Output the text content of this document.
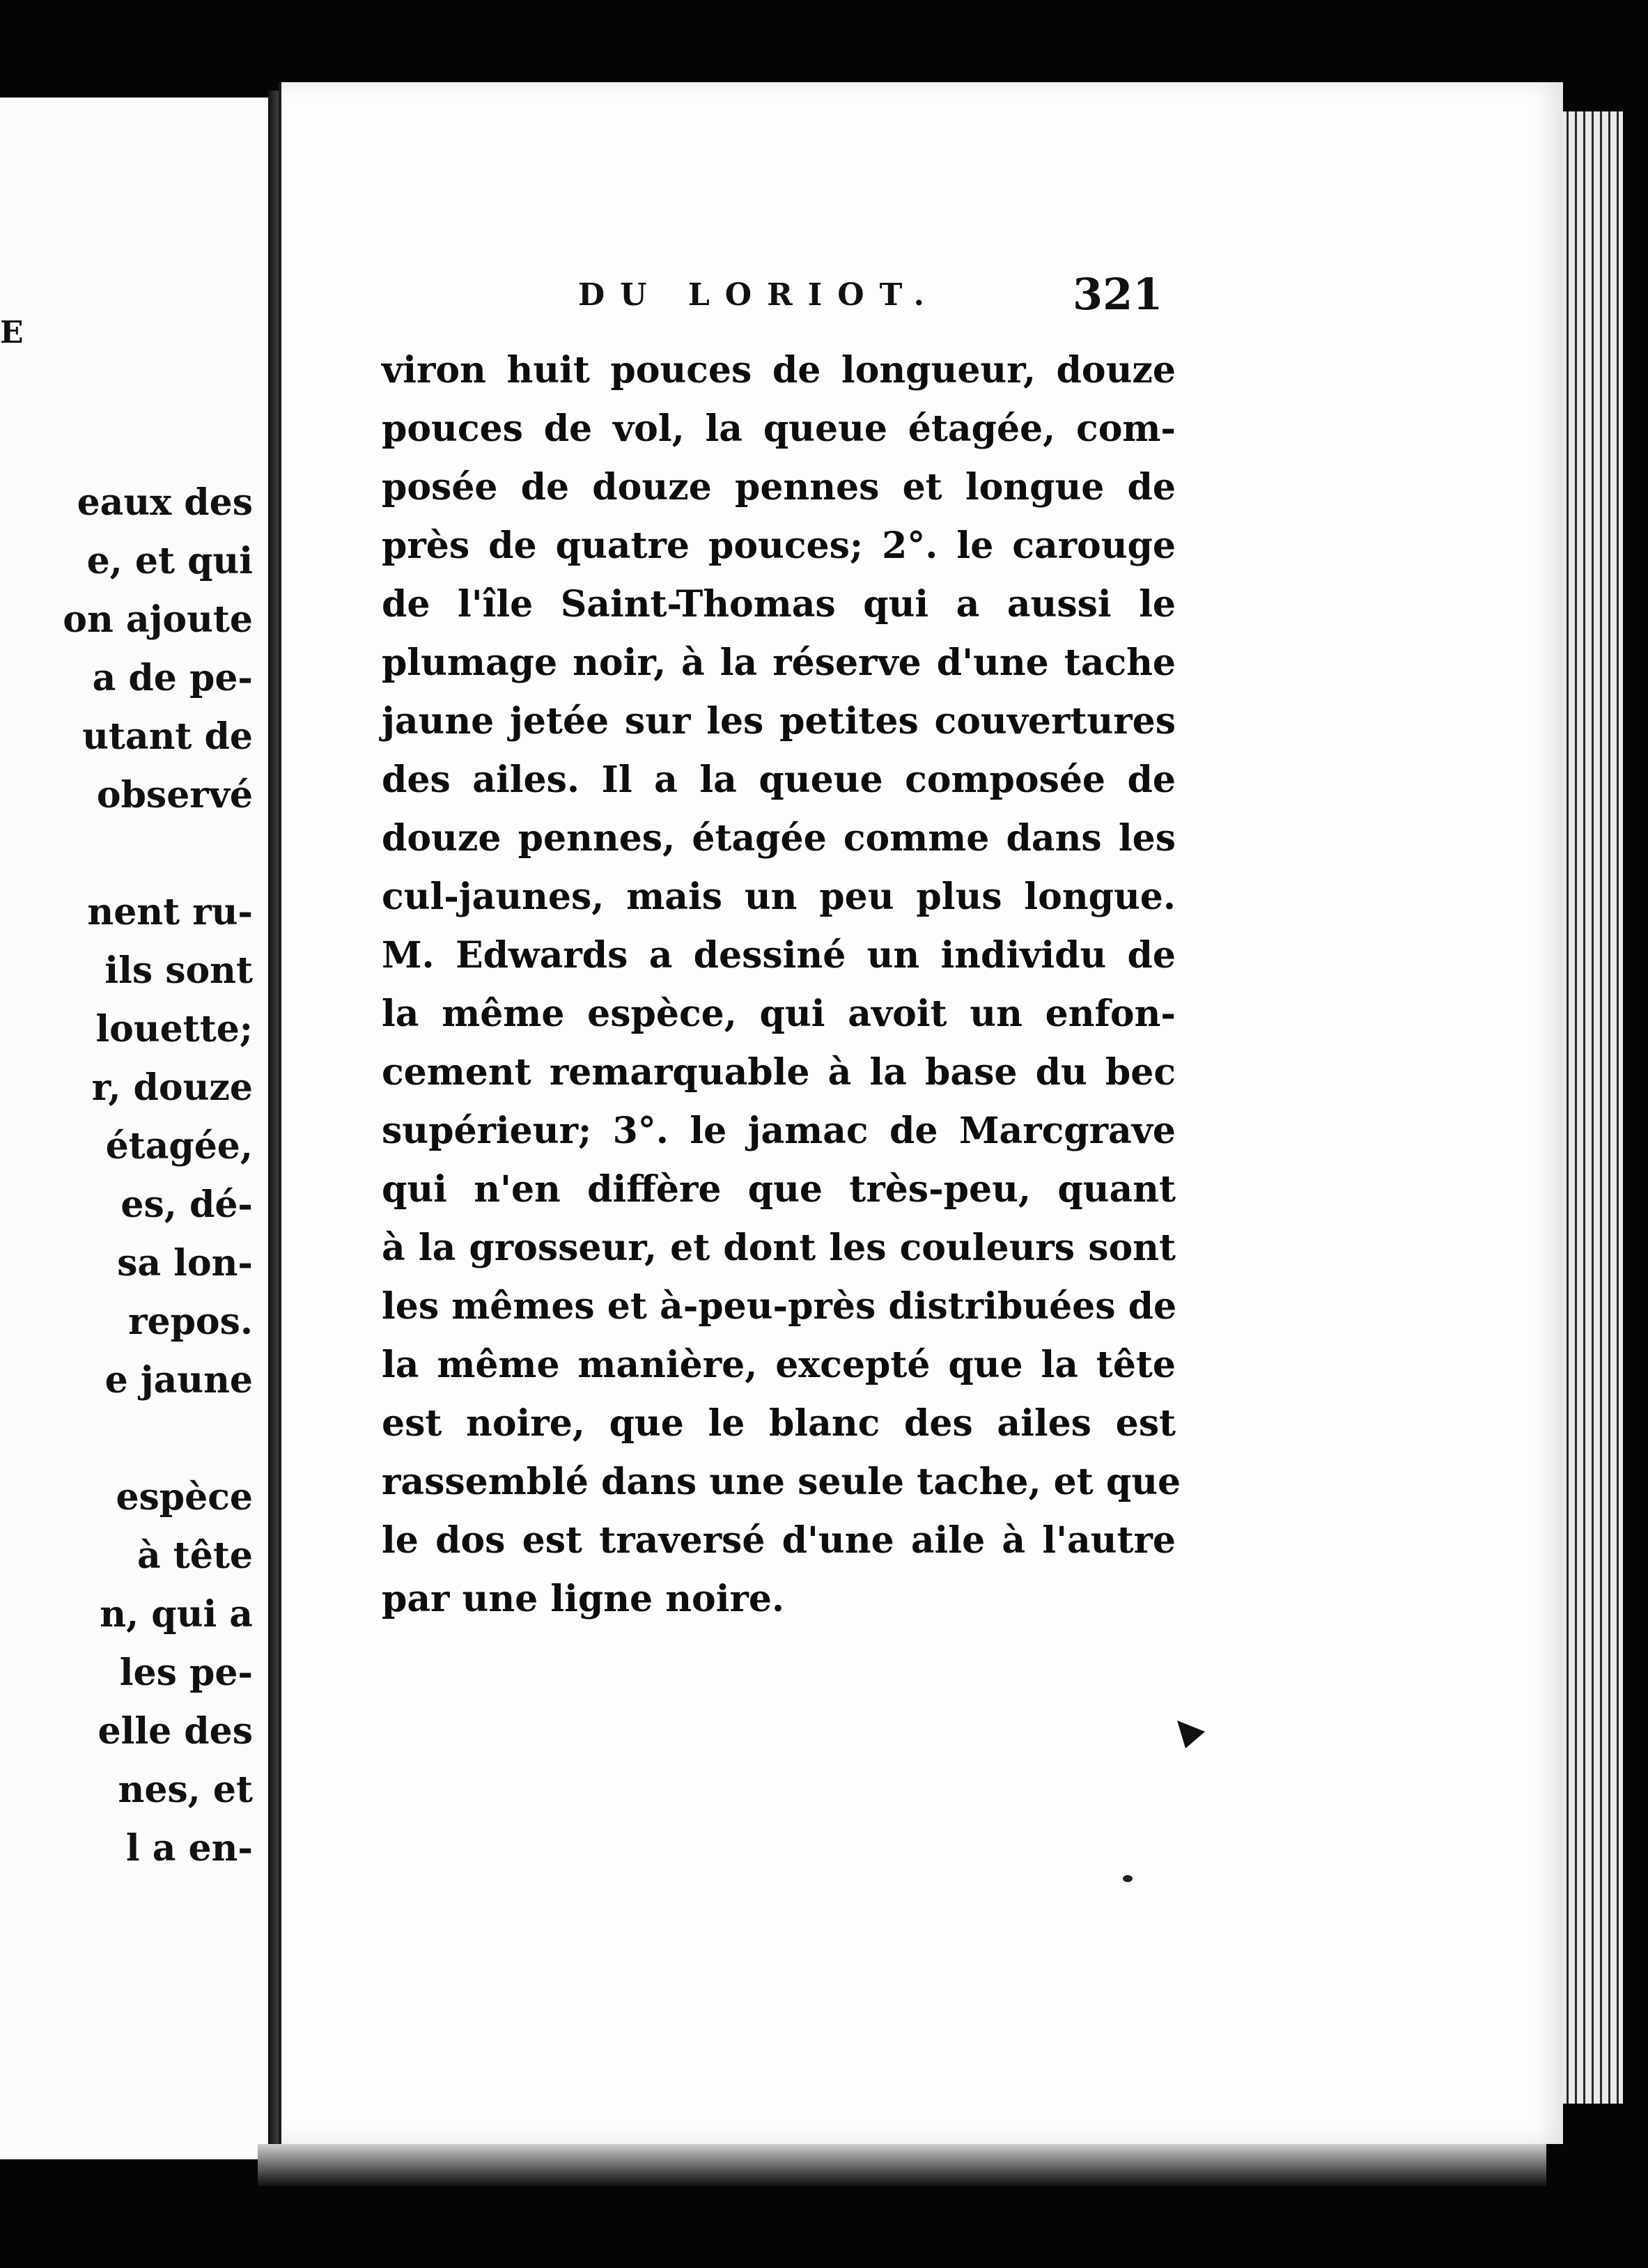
E
eaux des
e, et qui
on ajoute
a de pe-
utant de
observé
nent ru-
ils sont
louette;
r, douze
étagée,
es, dé-
sa lon-
repos.
e jaune
espèce
à tête
n, qui a
les pe-
elle des
nes, et
l a en-
DU LORIOT.	321
viron huit pouces de longueur, douze
pouces de vol, la queue étagée, com-
posée de douze pennes et longue de
près de quatre pouces; 2°. le carouge
de l'île Saint-Thomas qui a aussi le
plumage noir, à la réserve d'une tache
jaune jetée sur les petites couvertures
des ailes. Il a la queue composée de
douze pennes, étagée comme dans les
cul-jaunes, mais un peu plus longue.
M. Edwards a dessiné un individu de
la même espèce, qui avoit un enfon-
cement remarquable à la base du bec
supérieur; 3°. le jamac de Marcgrave
qui n'en diffère que très-peu, quant
à la grosseur, et dont les couleurs sont
les mêmes et à-peu-près distribuées de
la même manière, excepté que la tête
est noire, que le blanc des ailes est
rassemblé dans une seule tache, et que
le dos est traversé d'une aile à l'autre
par une ligne noire.
